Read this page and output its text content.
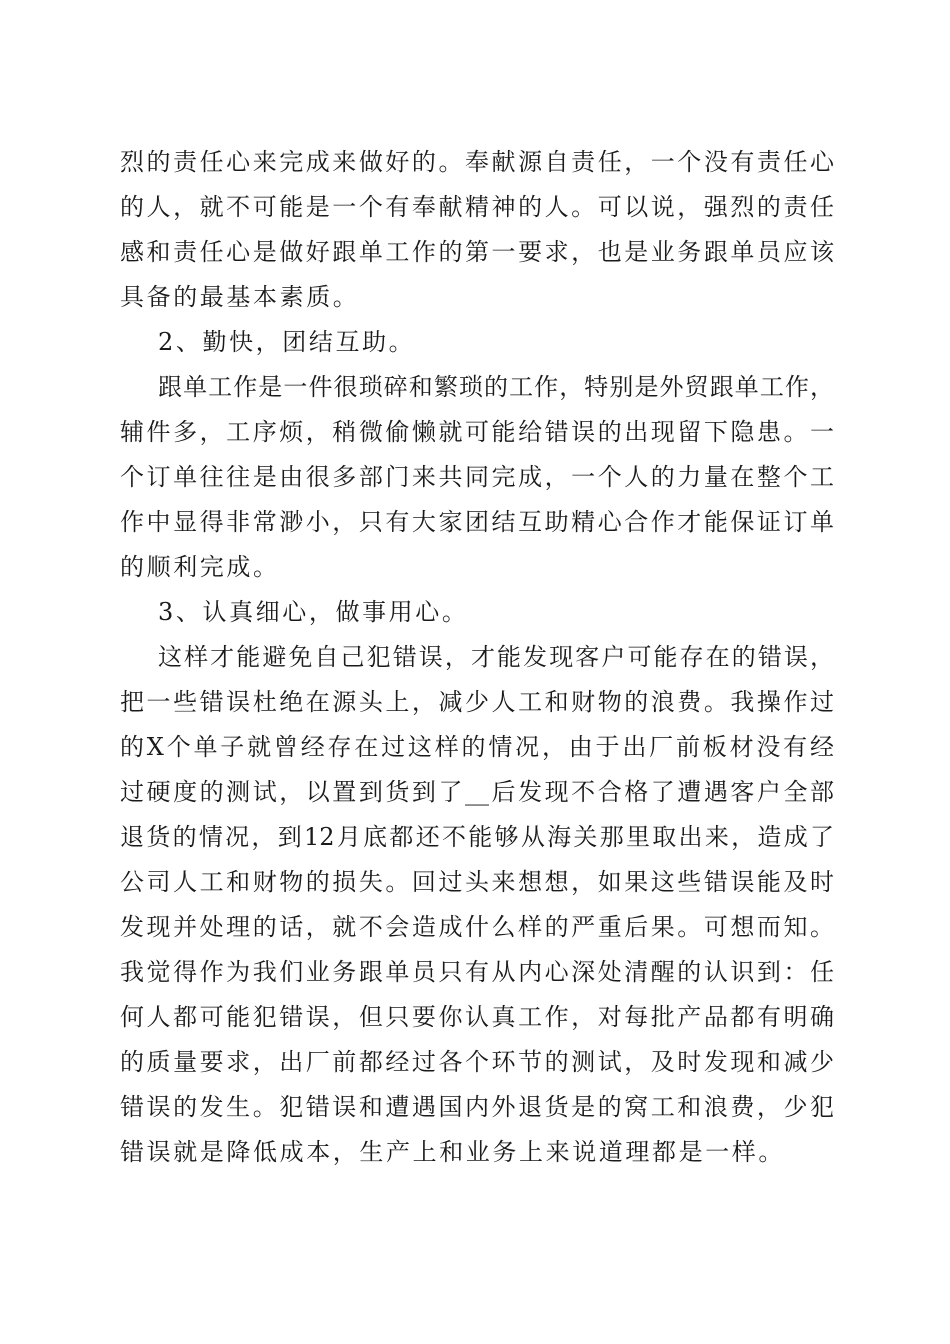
烈的责任心来完成来做好的。奉献源自责任，一个没有责任心
的人，就不可能是一个有奉献精神的人。可以说，强烈的责任
感和责任心是做好跟单工作的第一要求，也是业务跟单员应该
具备的最基本素质。
2、勤快，团结互助。
跟单工作是一件很琐碎和繁琐的工作，特别是外贸跟单工作，
辅件多，工序烦，稍微偷懒就可能给错误的出现留下隐患。一
个订单往往是由很多部门来共同完成，一个人的力量在整个工
作中显得非常渺小，只有大家团结互助精心合作才能保证订单
的顺利完成。
3、认真细心，做事用心。
这样才能避免自己犯错误，才能发现客户可能存在的错误，
把一些错误杜绝在源头上，减少人工和财物的浪费。我操作过
的X个单子就曾经存在过这样的情况，由于出厂前板材没有经
过硬度的测试，以置到货到了__后发现不合格了遭遇客户全部
退货的情况，到12月底都还不能够从海关那里取出来，造成了
公司人工和财物的损失。回过头来想想，如果这些错误能及时
发现并处理的话，就不会造成什么样的严重后果。可想而知。
我觉得作为我们业务跟单员只有从内心深处清醒的认识到：任
何人都可能犯错误，但只要你认真工作，对每批产品都有明确
的质量要求，出厂前都经过各个环节的测试，及时发现和减少
错误的发生。犯错误和遭遇国内外退货是的窝工和浪费，少犯
错误就是降低成本，生产上和业务上来说道理都是一样。
